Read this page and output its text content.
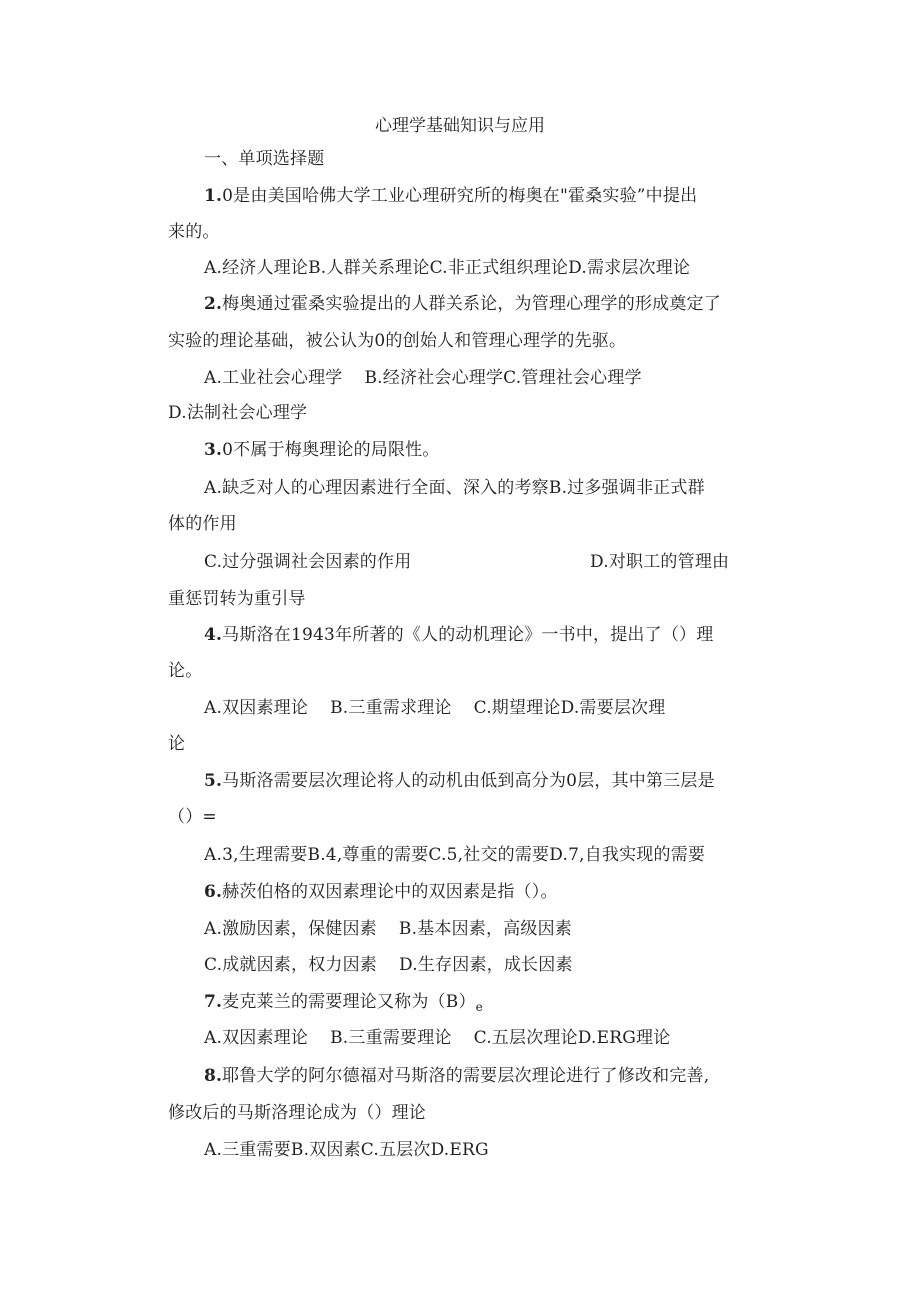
心理学基础知识与应用
一、单项选择题
1.0是由美国哈佛大学工业心理研究所的梅奥在"霍桑实验”中提出
来的。
A.经济人理论B.人群关系理论C.非正式组织理论D.需求层次理论
2.梅奥通过霍桑实验提出的人群关系论，为管理心理学的形成奠定了
实验的理论基础，被公认为0的创始人和管理心理学的先驱。
A.工业社会心理学 B.经济社会心理学C.管理社会心理学
D.法制社会心理学
3.0不属于梅奥理论的局限性。
A.缺乏对人的心理因素进行全面、深入的考察B.过多强调非正式群
体的作用
C.过分强调社会因素的作用	D.对职工的管理由
重惩罚转为重引导
4.马斯洛在1943年所著的《人的动机理论》一书中，提出了（）理
论。
A.双因素理论 B.三重需求理论 C.期望理论D.需要层次理
论
5.马斯洛需要层次理论将人的动机由低到高分为0层，其中第三层是
（）=
A.3,生理需要B.4,尊重的需要C.5,社交的需要D.7,自我实现的需要
6.赫茨伯格的双因素理论中的双因素是指（）。
A.激励因素，保健因素 B.基本因素，高级因素
C.成就因素，权力因素 D.生存因素，成长因素
7.麦克莱兰的需要理论又称为$(B)_e$
A.双因素理论 B.三重需要理论 C.五层次理论D.ERG理论
8.耶鲁大学的阿尔德福对马斯洛的需要层次理论进行了修改和完善,
修改后的马斯洛理论成为（）理论
A.三重需要B.双因素C.五层次D.ERG
